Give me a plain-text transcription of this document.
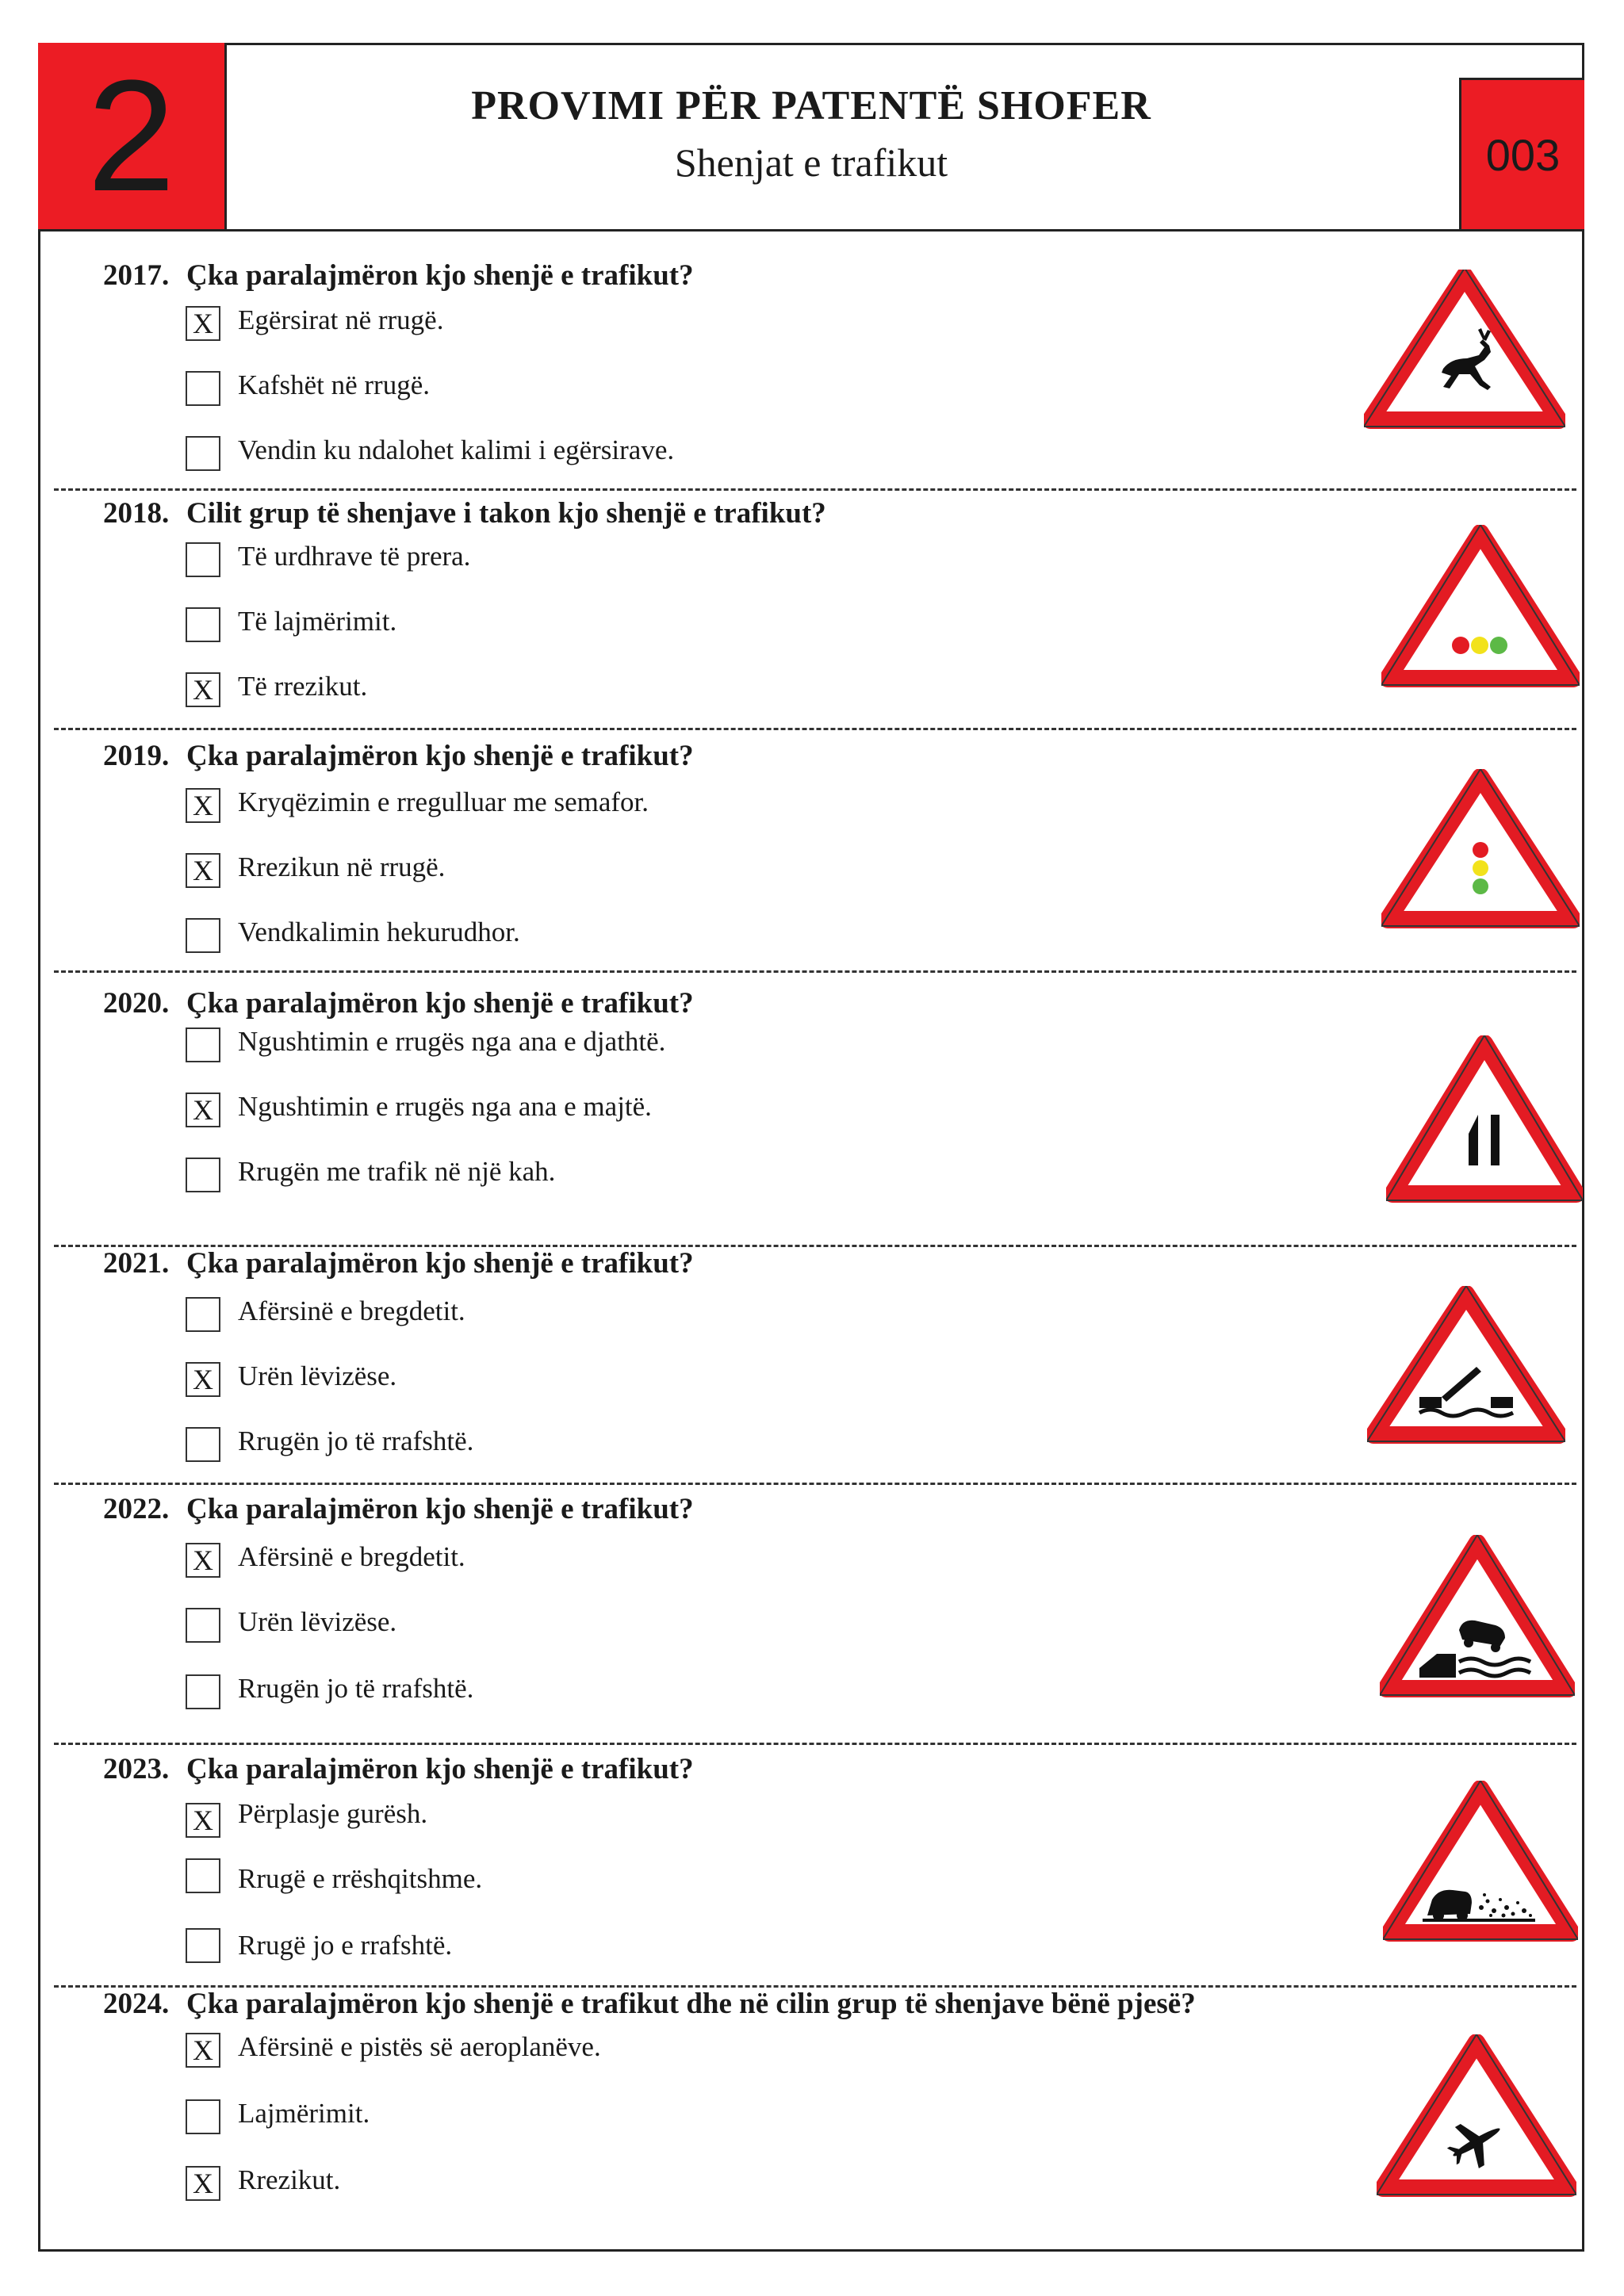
2	PROVIMI PËR PATENTË SHOFER
Shenjat e trafikut	003
2017. Çka paralajmëron kjo shenjë e trafikut?
X Egërsirat në rrugë.
Kafshët në rrugë.
Vendin ku ndalohet kalimi i egërsirave.
2018. Cilit grup të shenjave i takon kjo shenjë e trafikut?
Të urdhrave të prera.
Të lajmërimit.
X Të rrezikut.
2019. Çka paralajmëron kjo shenjë e trafikut?
X Kryqëzimin e rregulluar me semafor.
X Rrezikun në rrugë.
Vendkalimin hekurudhor.
2020. Çka paralajmëron kjo shenjë e trafikut?
Ngushtimin e rrugës nga ana e djathtë.
X Ngushtimin e rrugës nga ana e majtë.
Rrugën me trafik në një kah.
2021. Çka paralajmëron kjo shenjë e trafikut?
Afërsinë e bregdetit.
X Urën lëvizëse.
Rrugën jo të rrafshtë.
2022. Çka paralajmëron kjo shenjë e trafikut?
X Afërsinë e bregdetit.
Urën lëvizëse.
Rrugën jo të rrafshtë.
2023. Çka paralajmëron kjo shenjë e trafikut?
X Përplasje gurësh.
Rrugë e rrëshqitshme.
Rrugë jo e rrafshtë.
2024. Çka paralajmëron kjo shenjë e trafikut dhe në cilin grup të shenjave bënë pjesë?
X Afërsinë e pistës së aeroplanëve.
Lajmërimit.
X Rrezikut.
